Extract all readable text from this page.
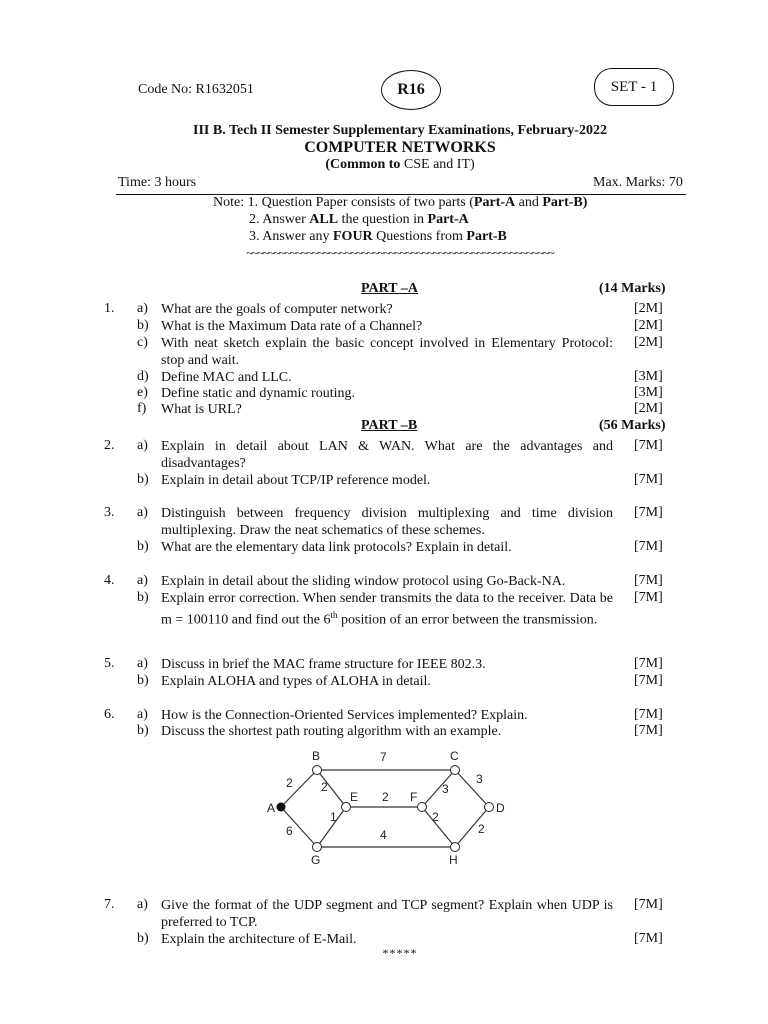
Code No: R1632051	R16	SET - 1
III B. Tech II Semester Supplementary Examinations, February-2022
COMPUTER NETWORKS
(Common to CSE and IT)
Time: 3 hours	Max. Marks: 70
Note: 1. Question Paper consists of two parts (Part-A and Part-B)
2. Answer ALL the question in Part-A
3. Answer any FOUR Questions from Part-B
~~~~~~~~~~~~~~~~~~~~~~~~~~~~~~~~~~~~~~~~~~~~~~~~~~~~~~~~
PART –A	(14 Marks)
1. a) What are the goals of computer network?	[2M]
b) What is the Maximum Data rate of a Channel?	[2M]
c) With neat sketch explain the basic concept involved in Elementary Protocol: stop and wait.
[2M]
d) Define MAC and LLC.	[3M]
e) Define static and dynamic routing.	[3M]
f) What is URL?	[2M]
PART –B	(56 Marks)
2. a) Explain in detail about LAN & WAN. What are the advantages and disadvantages?
[7M]
b) Explain in detail about TCP/IP reference model.	[7M]
3. a) Distinguish between frequency division multiplexing and time division multiplexing. Draw the neat schematics of these schemes.
[7M]
b) What are the elementary data link protocols? Explain in detail.	[7M]
4. a) Explain in detail about the sliding window protocol using Go-Back-NA.	[7M]
b) Explain error correction. When sender transmits the data to the receiver. Data be m = 100110 and find out the 6th position of an error between the transmission.
[7M]
5. a) Discuss in brief the MAC frame structure for IEEE 802.3.	[7M]
b) Explain ALOHA and types of ALOHA in detail.	[7M]
6. a) How is the Connection-Oriented Services implemented? Explain.	[7M]
b) Discuss the shortest path routing algorithm with an example.	[7M]
A
B	C
D
E	F
G	H
2
7
2
6
1
2
3
3
4
2
2
7. a) Give the format of the UDP segment and TCP segment? Explain when UDP is preferred to TCP.
[7M]
b) Explain the architecture of E-Mail.	[7M]
*****
